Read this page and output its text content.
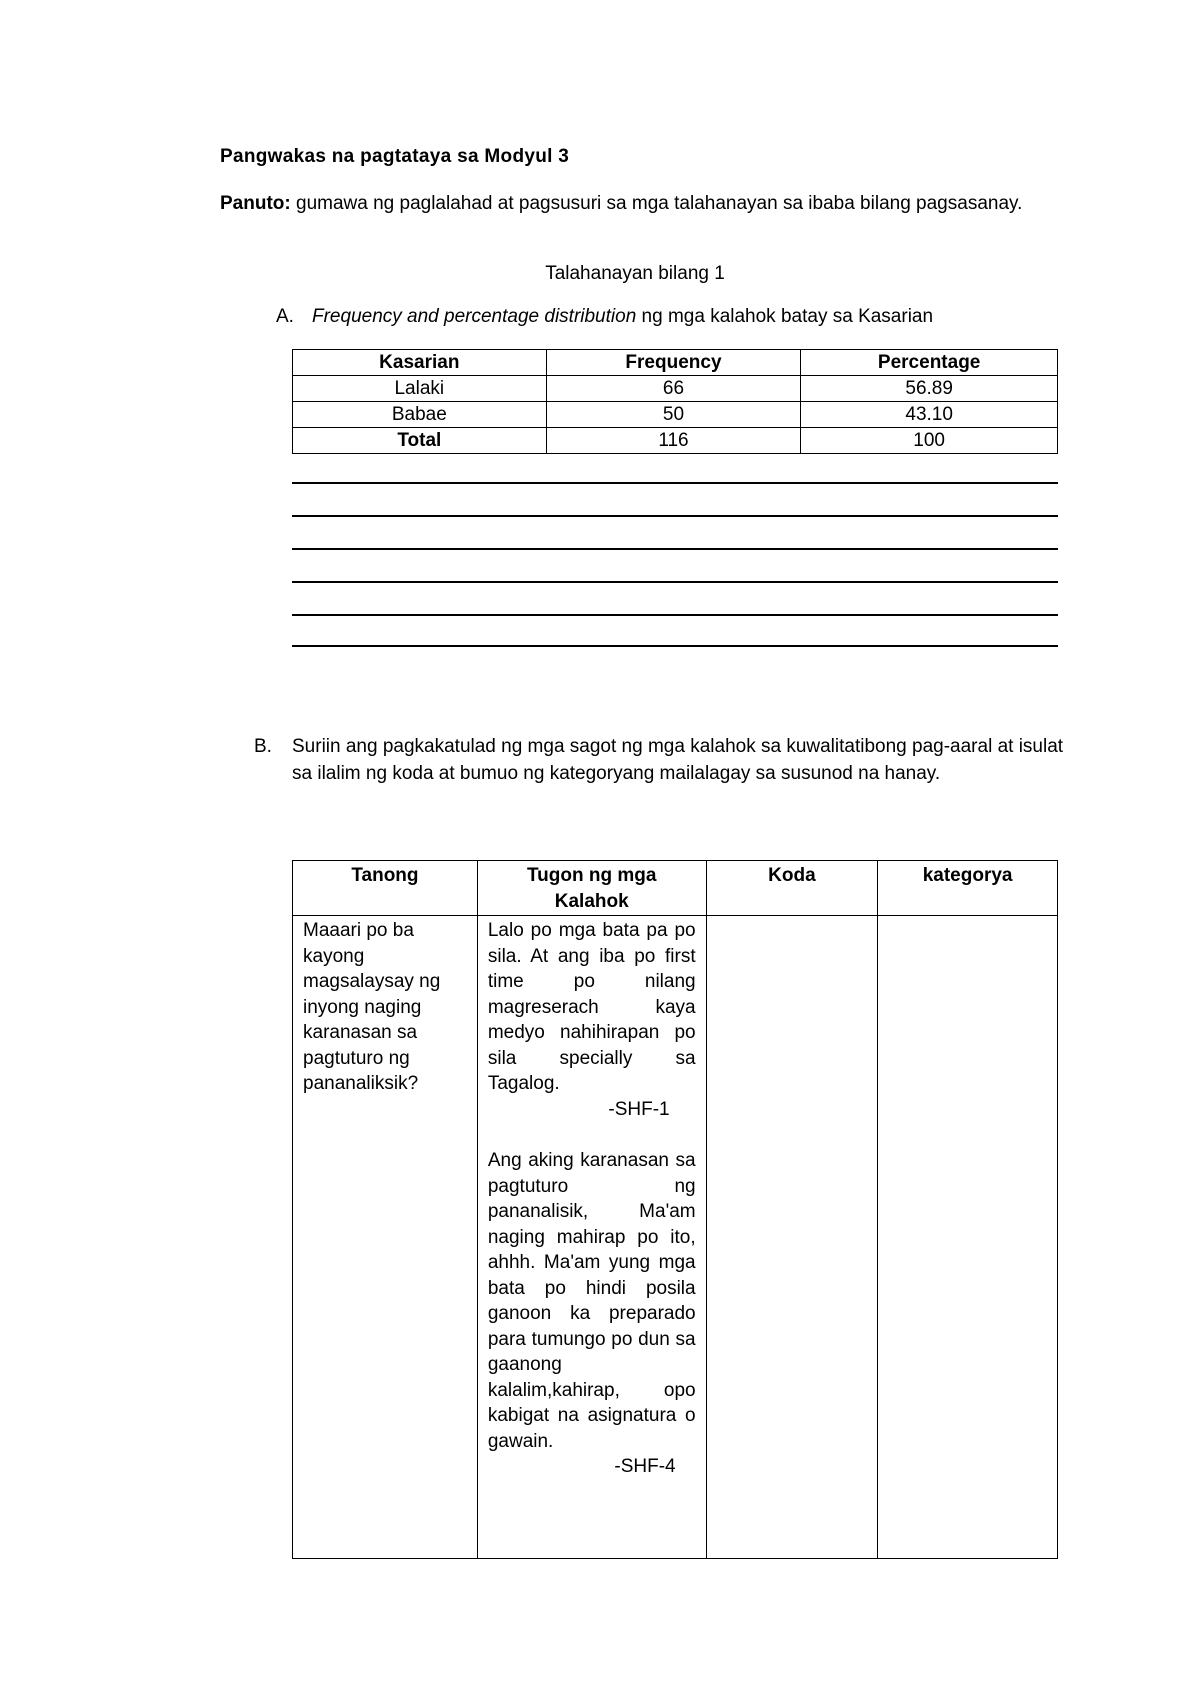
Pangwakas na pagtataya sa Modyul 3
Panuto: gumawa ng paglalahad at pagsusuri sa mga talahanayan sa ibaba bilang pagsasanay.
Talahanayan bilang 1
A. Frequency and percentage distribution ng mga kalahok batay sa Kasarian
Kasarian	Frequency	Percentage
Lalaki	66	56.89
Babae	50	43.10
Total	116	100
B. Suriin ang pagkakatulad ng mga sagot ng mga kalahok sa kuwalitatibong pag-aaral at isulat sa ilalim ng koda at bumuo ng kategoryang mailalagay sa susunod na hanay.
Tanong	Tugon ng mga Kalahok	Koda	kategorya
Maaari po ba kayong magsalaysay ng inyong naging karanasan sa pagtuturo ng pananaliksik?	Lalo po mga bata pa po sila. At ang iba po first time po nilang magreserach kaya medyo nahihirapan po sila specially sa Tagalog.
-SHF-1
Ang aking karanasan sa pagtuturo ng pananalisik, Ma'am naging mahirap po ito, ahhh. Ma'am yung mga bata po hindi posila ganoon ka preparado para tumungo po dun sa gaanong kalalim,kahirap, opo kabigat na asignatura o gawain.
-SHF-4		
